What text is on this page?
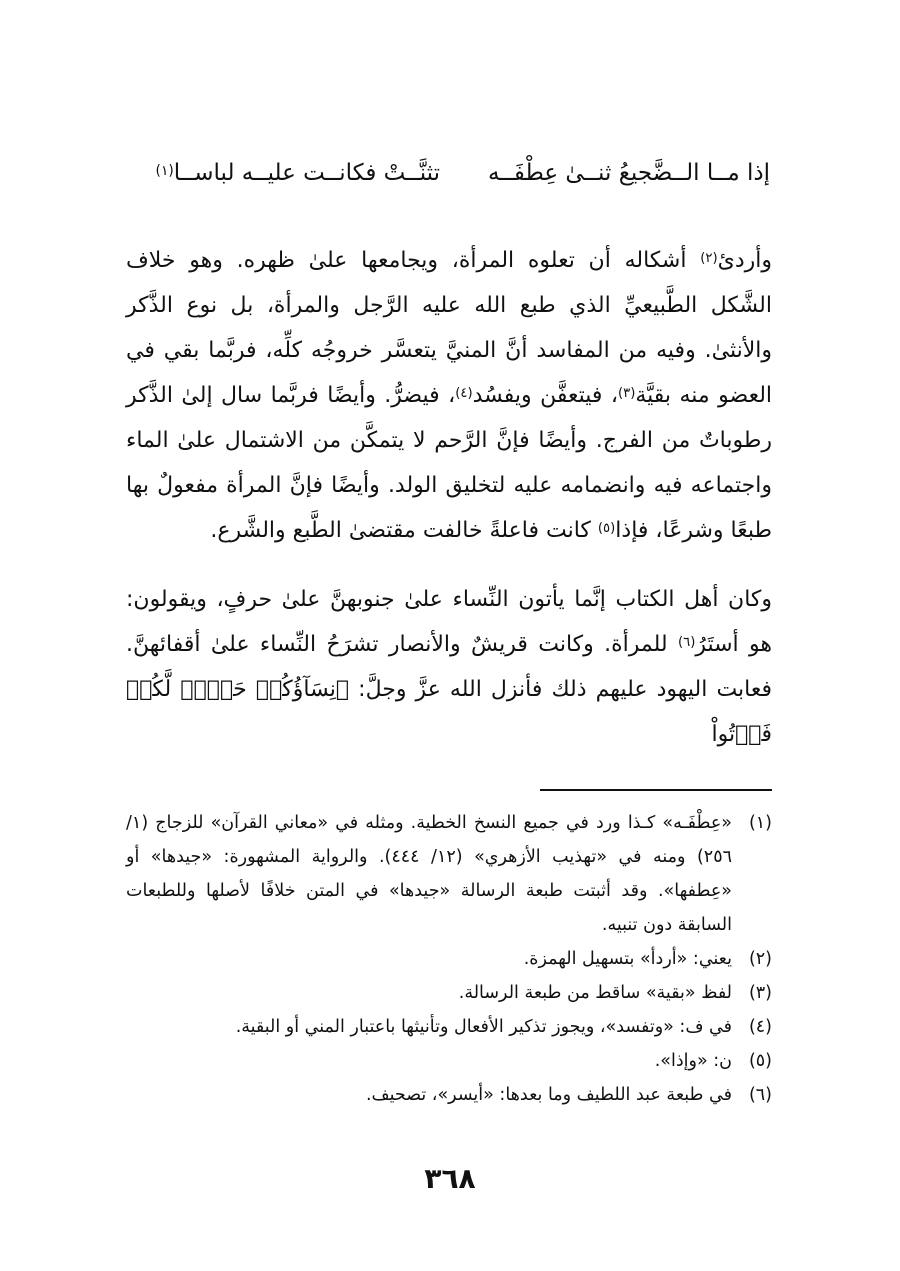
إذا مــا الــضَّجيعُ ثنــىٰ عِطْفَــه
تثنَّــتْ فكانــت عليــه لباســا$^{(١)}$

وأردئ$^{(٢)}$ أشكاله أن تعلوه المرأة، ويجامعها علىٰ ظهره. وهو خلاف الشَّكل الطَّبيعيِّ الذي طبع الله عليه الرَّجل والمرأة، بل نوع الذَّكر والأنثىٰ. وفيه من المفاسد أنَّ المنيَّ يتعسَّر خروجُه كلِّه، فربَّما بقي في العضو منه بقيَّة$^{(٣)}$، فيتعفَّن ويفسُد$^{(٤)}$، فيضرُّ. وأيضًا فربَّما سال إلىٰ الذَّكر رطوباتٌ من الفرج. وأيضًا فإنَّ الرَّحم لا يتمكَّن من الاشتمال علىٰ الماء واجتماعه فيه وانضمامه عليه لتخليق الولد. وأيضًا فإنَّ المرأة مفعولٌ بها طبعًا وشرعًا، فإذا$^{(٥)}$ كانت فاعلةً خالفت مقتضىٰ الطَّبع والشَّرع.

وكان أهل الكتاب إنَّما يأتون النِّساء علىٰ جنوبهنَّ علىٰ حرفٍ، ويقولون: هو أستَرُ$^{(٦)}$ للمرأة. وكانت قريشٌ والأنصار تشرَحُ النِّساء علىٰ أقفائهنَّ. فعابت اليهود عليهم ذلك فأنزل الله عزَّ وجلَّ: ﴿نِسَآؤُكُمۡ حَرۡثٞ لَّكُمۡ فَأۡتُواْ

(١)
«عِطْفَـه» كـذا ورد في جميع النسخ الخطية. ومثله في «معاني القرآن» للزجاج (١/ ٢٥٦) ومنه في «تهذيب الأزهري» (١٢/ ٤٤٤). والرواية المشهورة: «جيدها» أو «عِطفها». وقد أثبتت طبعة الرسالة «جيدها» في المتن خلافًا لأصلها وللطبعات السابقة دون تنبيه.
(٢)
يعني: «أردأ» بتسهيل الهمزة.
(٣)
لفظ «بقية» ساقط من طبعة الرسالة.
(٤)
في ف: «وتفسد»، ويجوز تذكير الأفعال وتأنيثها باعتبار المني أو البقية.
(٥)
ن: «وإذا».
(٦)
في طبعة عبد اللطيف وما بعدها: «أيسر»، تصحيف.
٣٦٨
